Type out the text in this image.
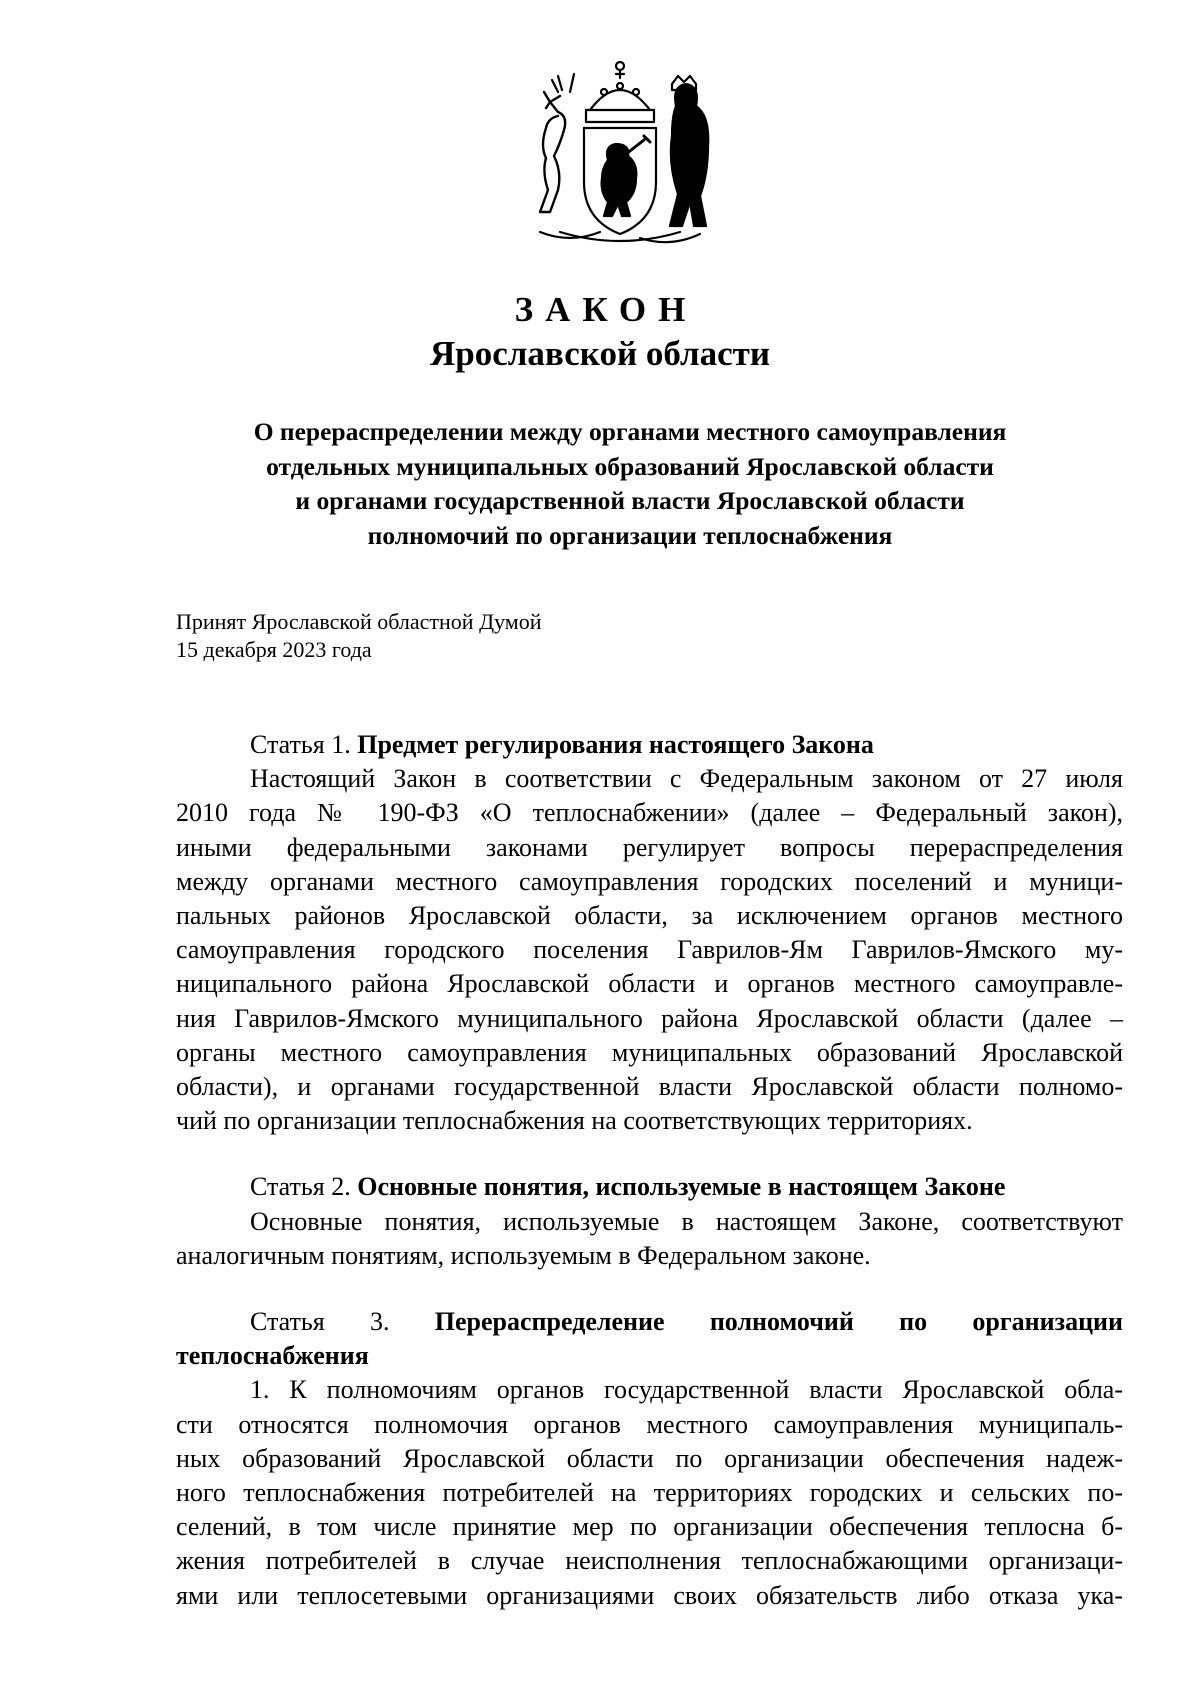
ЗАКОН
Ярославской области
О перераспределении между органами местного самоуправления
отдельных муниципальных образований Ярославской области
и органами государственной власти Ярославской области
полномочий по организации теплоснабжения
Принят Ярославской областной Думой
15 декабря 2023 года
Статья 1. Предмет регулирования настоящего Закона
Настоящий Закон в соответствии с Федеральным законом от 27 июля
2010 года № 190-ФЗ «О теплоснабжении» (далее – Федеральный закон),
иными федеральными законами регулирует вопросы перераспределения
между органами местного самоуправления городских поселений и муници-
пальных районов Ярославской области, за исключением органов местного
самоуправления городского поселения Гаврилов-Ям Гаврилов-Ямского му-
ниципального района Ярославской области и органов местного самоуправле-
ния Гаврилов-Ямского муниципального района Ярославской области (далее –
органы местного самоуправления муниципальных образований Ярославской
области), и органами государственной власти Ярославской области полномо-
чий по организации теплоснабжения на соответствующих территориях.
Статья 2. Основные понятия, используемые в настоящем Законе
Основные понятия, используемые в настоящем Законе, соответствуют
аналогичным понятиям, используемым в Федеральном законе.
Статья 3. Перераспределение полномочий по организации
теплоснабжения
1. К полномочиям органов государственной власти Ярославской обла-
сти относятся полномочия органов местного самоуправления муниципаль-
ных образований Ярославской области по организации обеспечения надеж-
ного теплоснабжения потребителей на территориях городских и сельских по-
селений, в том числе принятие мер по организации обеспечения теплосна б-
жения потребителей в случае неисполнения теплоснабжающими организаци-
ями или теплосетевыми организациями своих обязательств либо отказа ука-
